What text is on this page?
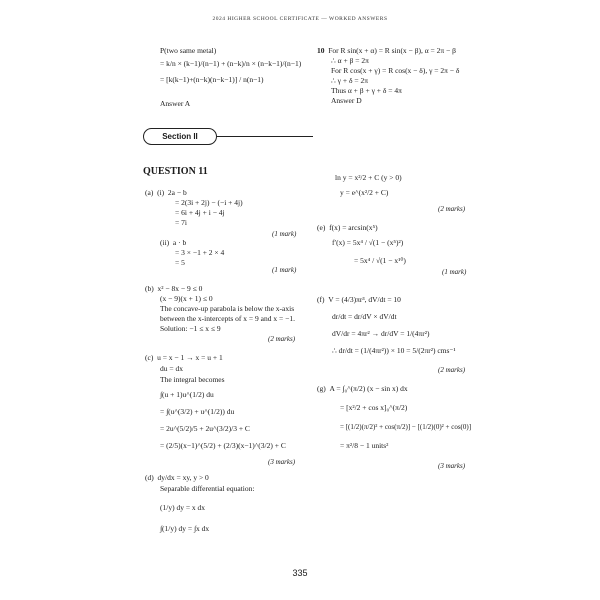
2024 HIGHER SCHOOL CERTIFICATE — WORKED ANSWERS
P(two same metal)
= k/n × (k−1)/(n−1) + (n−k)/n × (n−k−1)/(n−1)
= [k(k−1)+(n−k)(n−k−1)] / n(n−1)
Answer A
10 For R sin(x + α) = R sin(x − β), α = 2π − β
∴ α + β = 2π
For R cos(x + γ) = R cos(x − δ), γ = 2π − δ
∴ γ + δ = 2π
Thus α + β + γ + δ = 4π
Answer D
Section II
QUESTION 11
(a) (i) 2a − b
= 2(3i + 2j) − (−i + 4j)
= 6i + 4j + i − 4j
= 7i
(1 mark)
(ii) a · b
= 3 × −1 + 2 × 4
= 5
(1 mark)
(b) x² − 8x − 9 ≤ 0
(x − 9)(x + 1) ≤ 0
The concave-up parabola is below the x-axis
between the x-intercepts of x = 9 and x = −1.
Solution: −1 ≤ x ≤ 9
(2 marks)
(c) u = x − 1 → x = u + 1
du = dx
The integral becomes
∫(u + 1)u^(1/2) du
= ∫(u^(3/2) + u^(1/2)) du
= 2u^(5/2)/5 + 2u^(3/2)/3 + C
= (2/5)(x−1)^(5/2) + (2/3)(x−1)^(3/2) + C
(3 marks)
(d) dy/dx = xy, y > 0
Separable differential equation:
(1/y) dy = x dx
∫(1/y) dy = ∫x dx
ln y = x²/2 + C (y > 0)
y = e^(x²/2 + C)
(2 marks)
(e) f(x) = arcsin(x⁵)
f′(x) = 5x⁴ / √(1 − (x⁵)²)
= 5x⁴ / √(1 − x¹⁰)
(1 mark)
(f) V = (4/3)πr³, dV/dt = 10
dr/dt = dr/dV × dV/dt
dV/dr = 4πr² → dr/dV = 1/(4πr²)
∴ dr/dt = (1/(4πr²)) × 10 = 5/(2πr²) cms⁻¹
(2 marks)
(g) A = ∫₀^(π/2) (x − sin x) dx
= [x²/2 + cos x]₀^(π/2)
= [(1/2)(π/2)² + cos(π/2)] − [(1/2)(0)² + cos(0)]
= π²/8 − 1 units²
(3 marks)
335
